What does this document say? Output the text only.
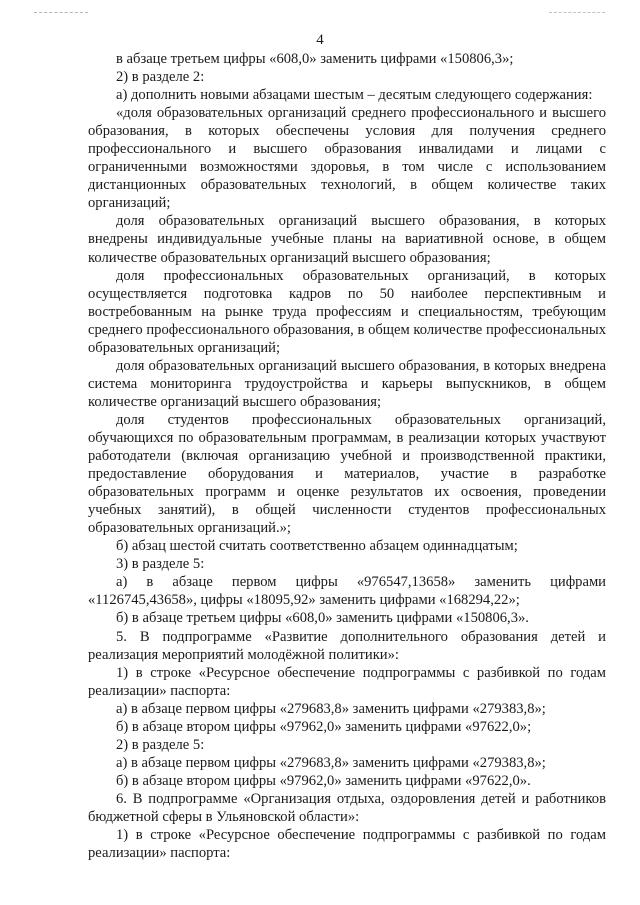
4

в абзаце третьем цифры «608,0» заменить цифрами «150806,3»;

2) в разделе 2:

а) дополнить новыми абзацами шестым – десятым следующего содержания:

«доля образовательных организаций среднего профессионального и высшего образования, в которых обеспечены условия для получения среднего профессионального и высшего образования инвалидами и лицами с ограниченными возможностями здоровья, в том числе с использованием дистанционных образовательных технологий, в общем количестве таких организаций;

доля образовательных организаций высшего образования, в которых внедрены индивидуальные учебные планы на вариативной основе, в общем количестве образовательных организаций высшего образования;

доля профессиональных образовательных организаций, в которых осуществляется подготовка кадров по 50 наиболее перспективным и востребованным на рынке труда профессиям и специальностям, требующим среднего профессионального образования, в общем количестве профессиональных образовательных организаций;

доля образовательных организаций высшего образования, в которых внедрена система мониторинга трудоустройства и карьеры выпускников, в общем количестве организаций высшего образования;

доля студентов профессиональных образовательных организаций, обучающихся по образовательным программам, в реализации которых участвуют работодатели (включая организацию учебной и производственной практики, предоставление оборудования и материалов, участие в разработке образовательных программ и оценке результатов их освоения, проведении учебных занятий), в общей численности студентов профессиональных образовательных организаций.»;

б) абзац шестой считать соответственно абзацем одиннадцатым;

3) в разделе 5:

а) в абзаце первом цифры «976547,13658» заменить цифрами «1126745,43658», цифры «18095,92» заменить цифрами «168294,22»;

б) в абзаце третьем цифры «608,0» заменить цифрами «150806,3».

5. В подпрограмме «Развитие дополнительного образования детей и реализация мероприятий молодёжной политики»:

1) в строке «Ресурсное обеспечение подпрограммы с разбивкой по годам реализации» паспорта:

а) в абзаце первом цифры «279683,8» заменить цифрами «279383,8»;

б) в абзаце втором цифры «97962,0» заменить цифрами «97622,0»;

2) в разделе 5:

а) в абзаце первом цифры «279683,8» заменить цифрами «279383,8»;

б) в абзаце втором цифры «97962,0» заменить цифрами «97622,0».

6. В подпрограмме «Организация отдыха, оздоровления детей и работников бюджетной сферы в Ульяновской области»:

1) в строке «Ресурсное обеспечение подпрограммы с разбивкой по годам реализации» паспорта:
